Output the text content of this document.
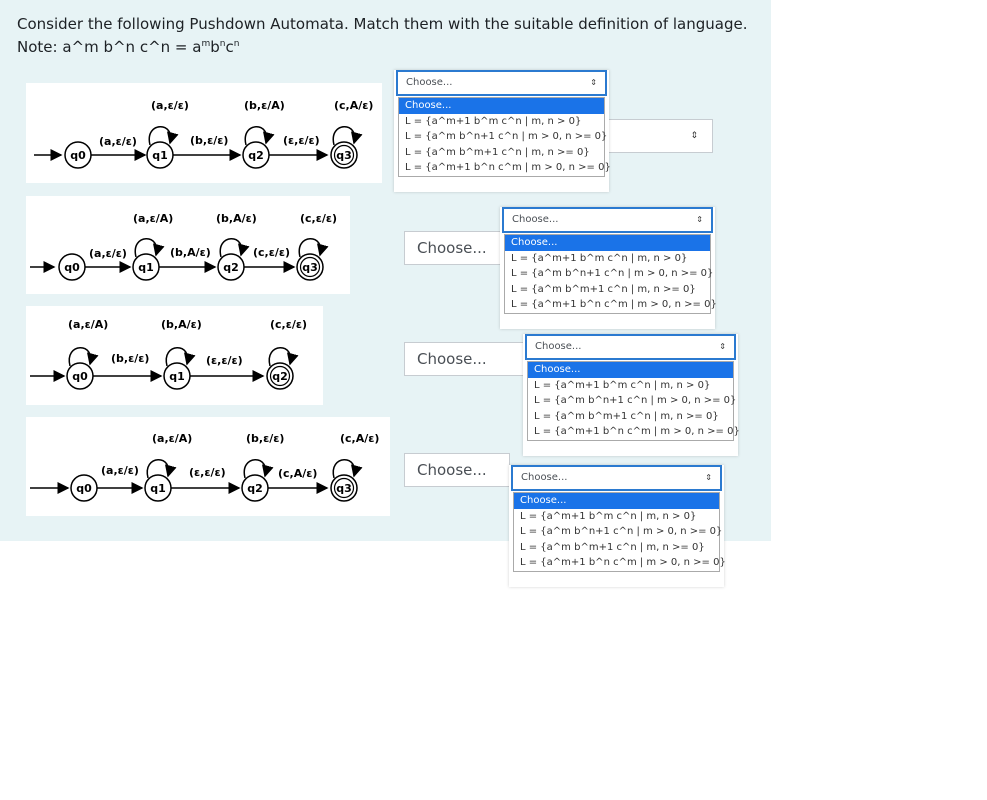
Consider the following Pushdown Automata. Match them with the suitable definition of language.
Note: a^m b^n c^n = $a^mb^nc^n$
q0
(a,ε/ε)
q1
(a,ε/ε)
(b,ε/ε)
q2
(b,ε/A)
(ε,ε/ε)
q3
(c,A/ε)
q0
(a,ε/ε)
q1
(a,ε/A)
(b,A/ε)
q2
(b,A/ε)
(c,ε/ε)
q3
(c,ε/ε)
q0
(a,ε/A)
(b,ε/ε)
q1
(b,A/ε)
(ε,ε/ε)
q2
(c,ε/ε)
q0
(a,ε/ε)
q1
(a,ε/A)
(ε,ε/ε)
q2
(b,ε/ε)
(c,A/ε)
q3
(c,A/ε)
⇕
Choose...
Choose...
Choose...
Choose...	⇕
Choose...
L = {a^m+1 b^m c^n | m, n > 0}
L = {a^m b^n+1 c^n | m > 0, n >= 0}
L = {a^m b^m+1 c^n | m, n >= 0}
L = {a^m+1 b^n c^m | m > 0, n >= 0}
Choose...	⇕
Choose...
L = {a^m+1 b^m c^n | m, n > 0}
L = {a^m b^n+1 c^n | m > 0, n >= 0}
L = {a^m b^m+1 c^n | m, n >= 0}
L = {a^m+1 b^n c^m | m > 0, n >= 0}
Choose...	⇕
Choose...
L = {a^m+1 b^m c^n | m, n > 0}
L = {a^m b^n+1 c^n | m > 0, n >= 0}
L = {a^m b^m+1 c^n | m, n >= 0}
L = {a^m+1 b^n c^m | m > 0, n >= 0}
Choose...	⇕
Choose...
L = {a^m+1 b^m c^n | m, n > 0}
L = {a^m b^n+1 c^n | m > 0, n >= 0}
L = {a^m b^m+1 c^n | m, n >= 0}
L = {a^m+1 b^n c^m | m > 0, n >= 0}
